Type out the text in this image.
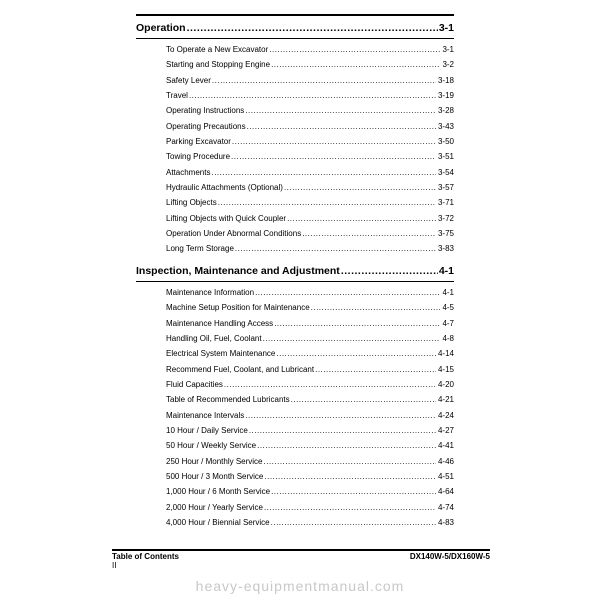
Operation .....	3-1
To Operate a New Excavator .....	3-1
Starting and Stopping Engine .....	3-2
Safety Lever .....	3-18
Travel .....	3-19
Operating Instructions .....	3-28
Operating Precautions .....	3-43
Parking Excavator .....	3-50
Towing Procedure .....	3-51
Attachments .....	3-54
Hydraulic Attachments (Optional) .....	3-57
Lifting Objects .....	3-71
Lifting Objects with Quick Coupler .....	3-72
Operation Under Abnormal Conditions .....	3-75
Long Term Storage .....	3-83
Inspection, Maintenance and Adjustment .....	4-1
Maintenance Information .....	4-1
Machine Setup Position for Maintenance .....	4-5
Maintenance Handling Access .....	4-7
Handling Oil, Fuel, Coolant .....	4-8
Electrical System Maintenance .....	4-14
Recommend Fuel, Coolant, and Lubricant .....	4-15
Fluid Capacities .....	4-20
Table of Recommended Lubricants .....	4-21
Maintenance Intervals .....	4-24
10 Hour / Daily Service .....	4-27
50 Hour / Weekly Service .....	4-41
250 Hour / Monthly Service .....	4-46
500 Hour / 3 Month Service .....	4-51
1,000 Hour / 6 Month Service .....	4-64
2,000 Hour / Yearly Service .....	4-74
4,000 Hour / Biennial Service .....	4-83
Table of Contents	DX140W-5/DX160W-5
II
heavy-equipmentmanual.com
